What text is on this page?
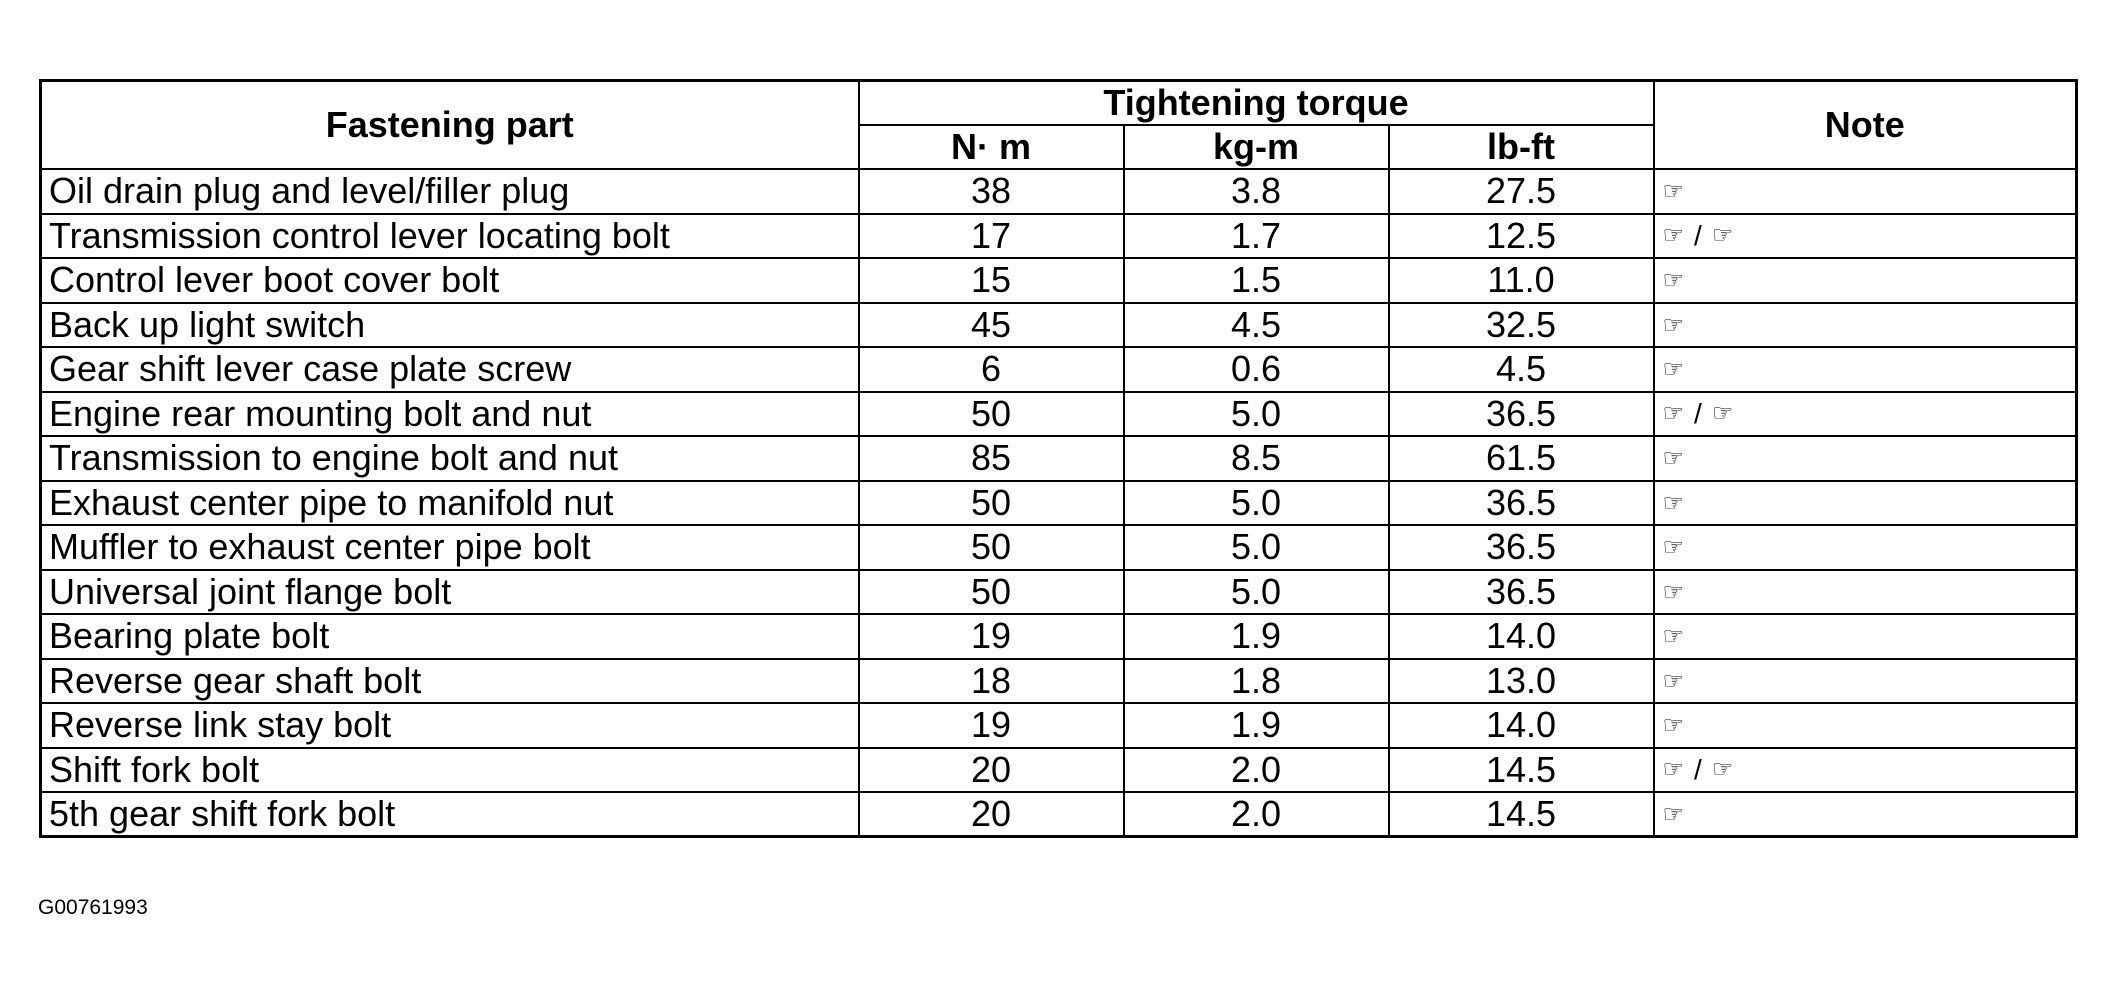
Fastening part	Tightening torque			Note
	N· m	kg-m	lb-ft	
Oil drain plug and level/filler plug	38	3.8	27.5	☞
Transmission control lever locating bolt	17	1.7	12.5	☞ / ☞
Control lever boot cover bolt	15	1.5	11.0	☞
Back up light switch	45	4.5	32.5	☞
Gear shift lever case plate screw	6	0.6	4.5	☞
Engine rear mounting bolt and nut	50	5.0	36.5	☞ / ☞
Transmission to engine bolt and nut	85	8.5	61.5	☞
Exhaust center pipe to manifold nut	50	5.0	36.5	☞
Muffler to exhaust center pipe bolt	50	5.0	36.5	☞
Universal joint flange bolt	50	5.0	36.5	☞
Bearing plate bolt	19	1.9	14.0	☞
Reverse gear shaft bolt	18	1.8	13.0	☞
Reverse link stay bolt	19	1.9	14.0	☞
Shift fork bolt	20	2.0	14.5	☞ / ☞
5th gear shift fork bolt	20	2.0	14.5	☞
G00761993
